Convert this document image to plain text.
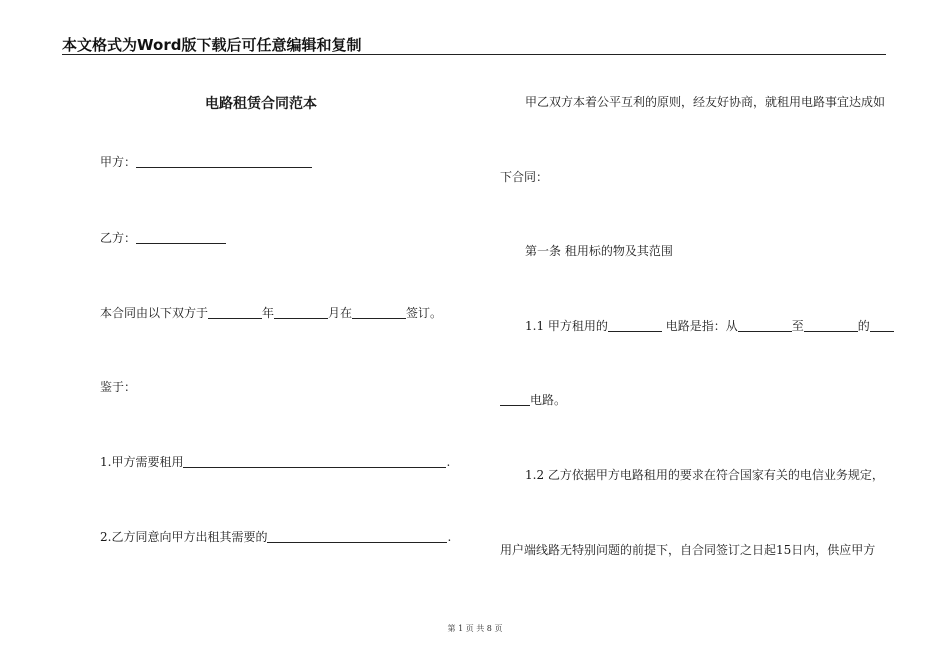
本文格式为Word版下载后可任意编辑和复制
电路租赁合同范本
甲方：
乙方：
本合同由以下双方于	年	月在	签订。
鉴于：
1.甲方需要租用	.
2.乙方同意向甲方出租其需要的	.
甲乙双方本着公平互利的原则，经友好协商，就租用电路事宜达成如
下合同：
第一条 租用标的物及其范围
1.1 甲方租用的	电路是指：从	至	的
电路。
1.2 乙方依据甲方电路租用的要求在符合国家有关的电信业务规定，
用户端线路无特别问题的前提下，自合同签订之日起15日内，供应甲方
第 1 页 共 8 页
